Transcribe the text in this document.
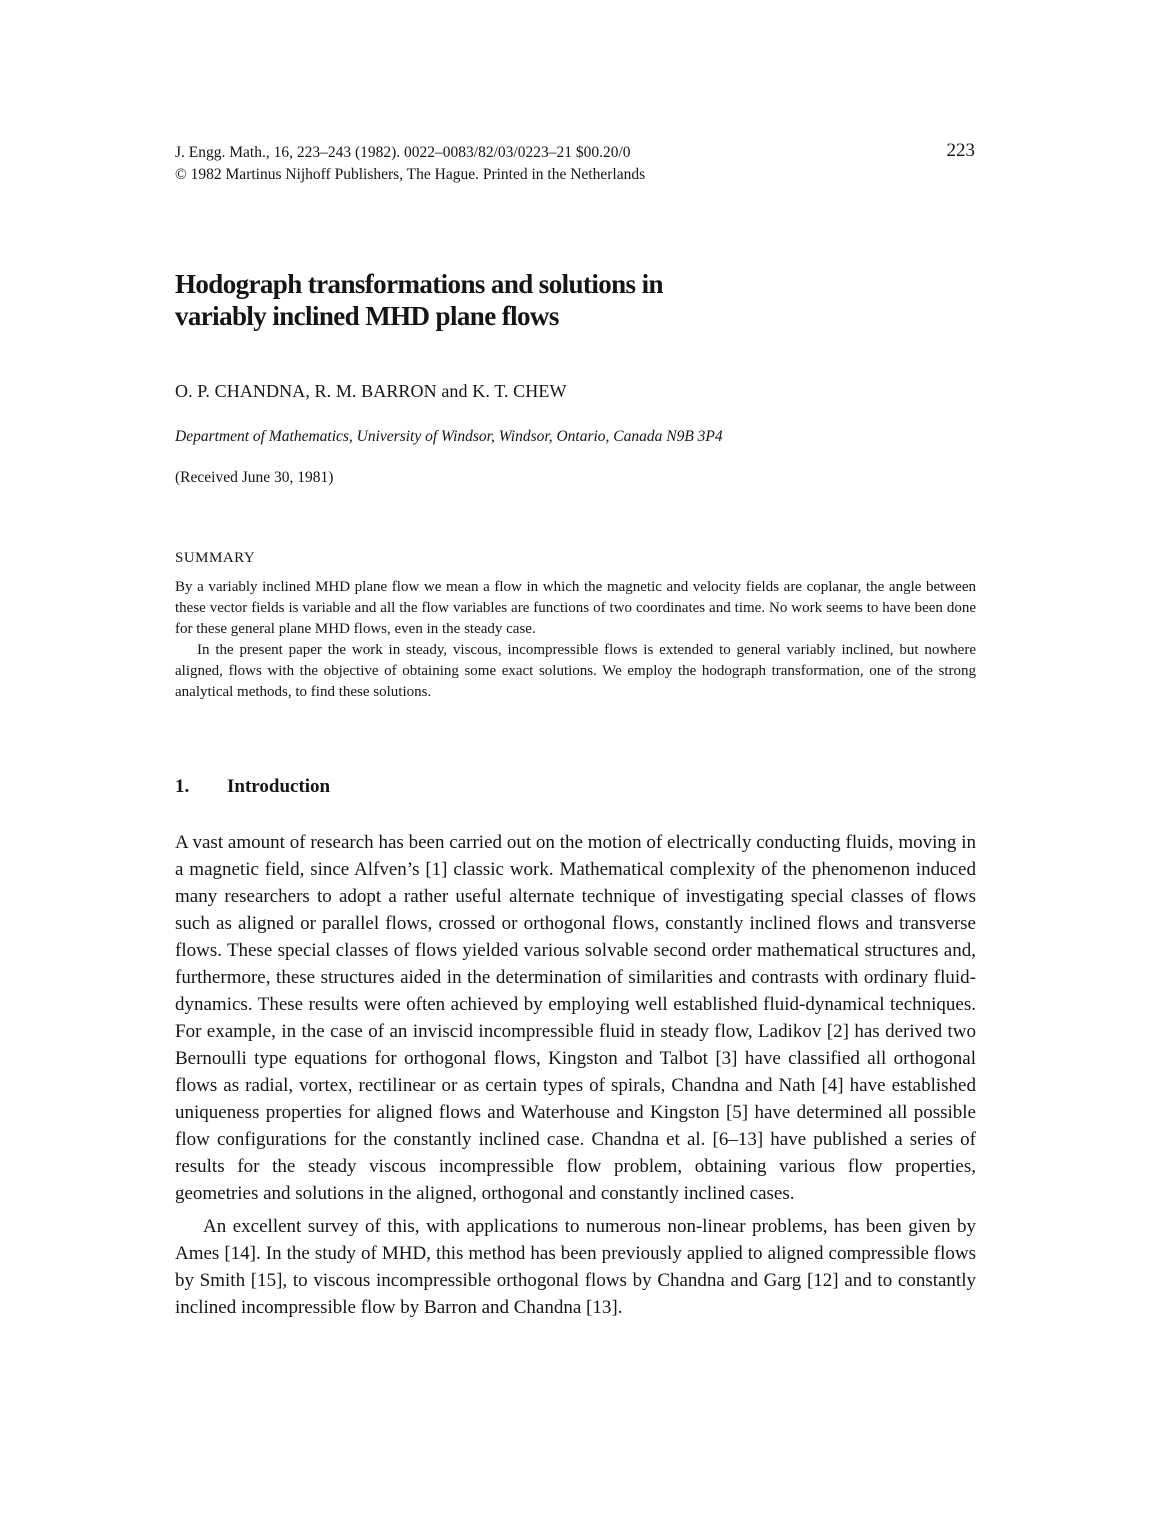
J. Engg. Math., 16, 223–243 (1982). 0022–0083/82/03/0223–21 $00.20/0
© 1982 Martinus Nijhoff Publishers, The Hague. Printed in the Netherlands
223
Hodograph transformations and solutions in
variably inclined MHD plane flows
O. P. CHANDNA, R. M. BARRON and K. T. CHEW
Department of Mathematics, University of Windsor, Windsor, Ontario, Canada N9B 3P4
(Received June 30, 1981)
SUMMARY

By a variably inclined MHD plane flow we mean a flow in which the magnetic and velocity fields are coplanar, the angle between these vector fields is variable and all the flow variables are functions of two coordinates and time. No work seems to have been done for these general plane MHD flows, even in the steady case.

In the present paper the work in steady, viscous, incompressible flows is extended to general variably inclined, but nowhere aligned, flows with the objective of obtaining some exact solutions. We employ the hodograph transformation, one of the strong analytical methods, to find these solutions.

1. Introduction

A vast amount of research has been carried out on the motion of electrically conducting fluids, moving in a magnetic field, since Alfven’s [1] classic work. Mathematical complexity of the phenomenon induced many researchers to adopt a rather useful alternate technique of investigating special classes of flows such as aligned or parallel flows, crossed or orthogonal flows, constantly inclined flows and transverse flows. These special classes of flows yielded various solvable second order mathematical structures and, furthermore, these structures aided in the determination of similarities and contrasts with ordinary fluid-dynamics. These results were often achieved by employing well established fluid-dynamical techniques. For example, in the case of an inviscid incompressible fluid in steady flow, Ladikov [2] has derived two Bernoulli type equations for orthogonal flows, Kingston and Talbot [3] have classified all orthogonal flows as radial, vortex, rectilinear or as certain types of spirals, Chandna and Nath [4] have established uniqueness properties for aligned flows and Waterhouse and Kingston [5] have determined all possible flow configurations for the constantly inclined case. Chandna et al. [6–13] have published a series of results for the steady viscous incompressible flow problem, obtaining various flow properties, geometries and solutions in the aligned, orthogonal and constantly inclined cases.

An excellent survey of this, with applications to numerous non-linear problems, has been given by Ames [14]. In the study of MHD, this method has been previously applied to aligned compressible flows by Smith [15], to viscous incompressible orthogonal flows by Chandna and Garg [12] and to constantly inclined incompressible flow by Barron and Chandna [13].
